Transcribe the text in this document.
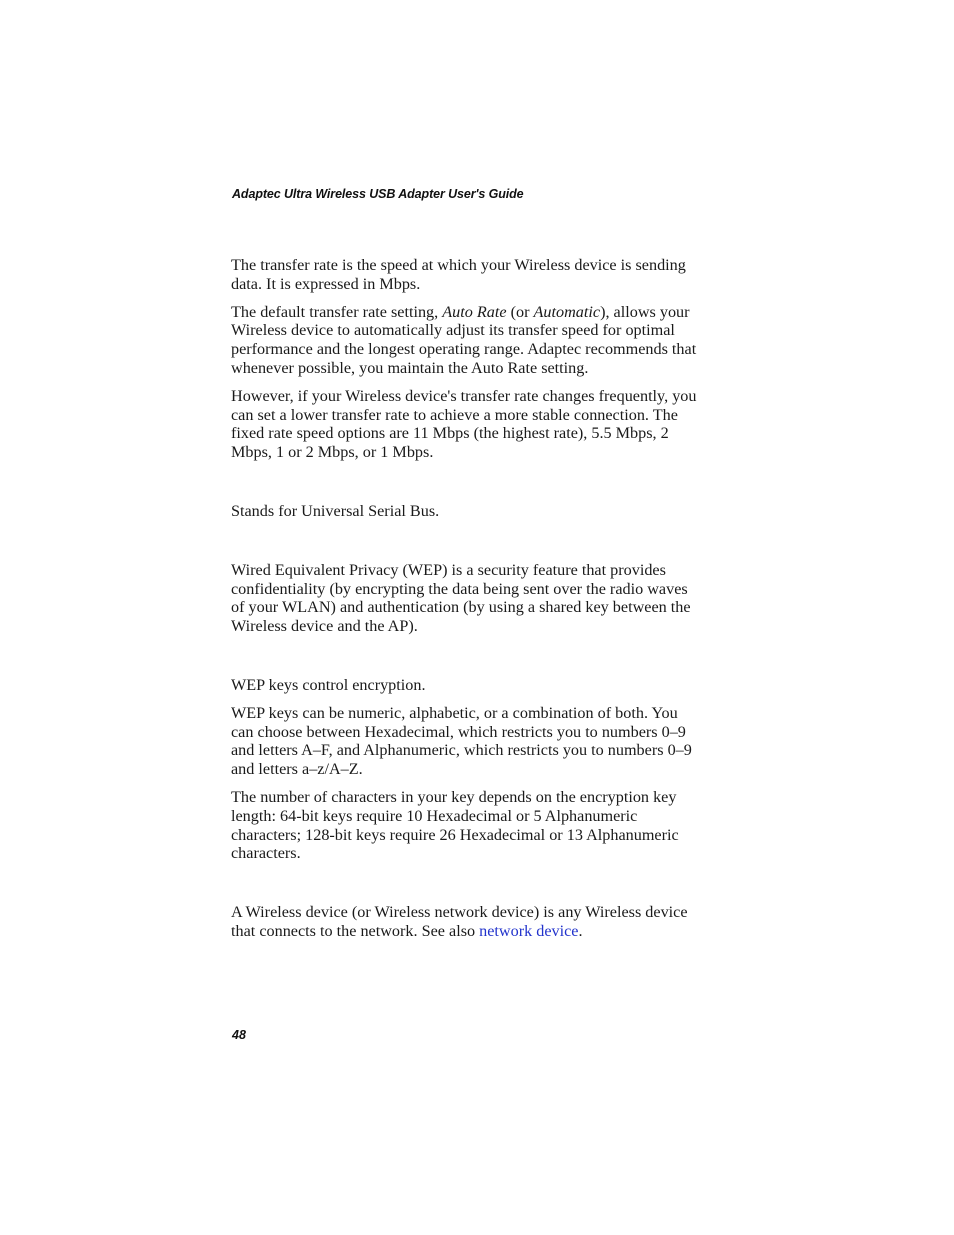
Adaptec Ultra Wireless USB Adapter User's Guide

The transfer rate is the speed at which your Wireless device is sending data. It is expressed in Mbps.

The default transfer rate setting, Auto Rate (or Automatic), allows your Wireless device to automatically adjust its transfer speed for optimal performance and the longest operating range. Adaptec recommends that whenever possible, you maintain the Auto Rate setting.

However, if your Wireless device's transfer rate changes frequently, you can set a lower transfer rate to achieve a more stable connection. The fixed rate speed options are 11 Mbps (the highest rate), 5.5 Mbps, 2 Mbps, 1 or 2 Mbps, or 1 Mbps.

Stands for Universal Serial Bus.

Wired Equivalent Privacy (WEP) is a security feature that provides confidentiality (by encrypting the data being sent over the radio waves of your WLAN) and authentication (by using a shared key between the Wireless device and the AP).

WEP keys control encryption.

WEP keys can be numeric, alphabetic, or a combination of both. You can choose between Hexadecimal, which restricts you to numbers 0–9 and letters A–F, and Alphanumeric, which restricts you to numbers 0–9 and letters a–z/A–Z.

The number of characters in your key depends on the encryption key length: 64-bit keys require 10 Hexadecimal or 5 Alphanumeric characters; 128-bit keys require 26 Hexadecimal or 13 Alphanumeric characters.

A Wireless device (or Wireless network device) is any Wireless device that connects to the network. See also network device.

48
